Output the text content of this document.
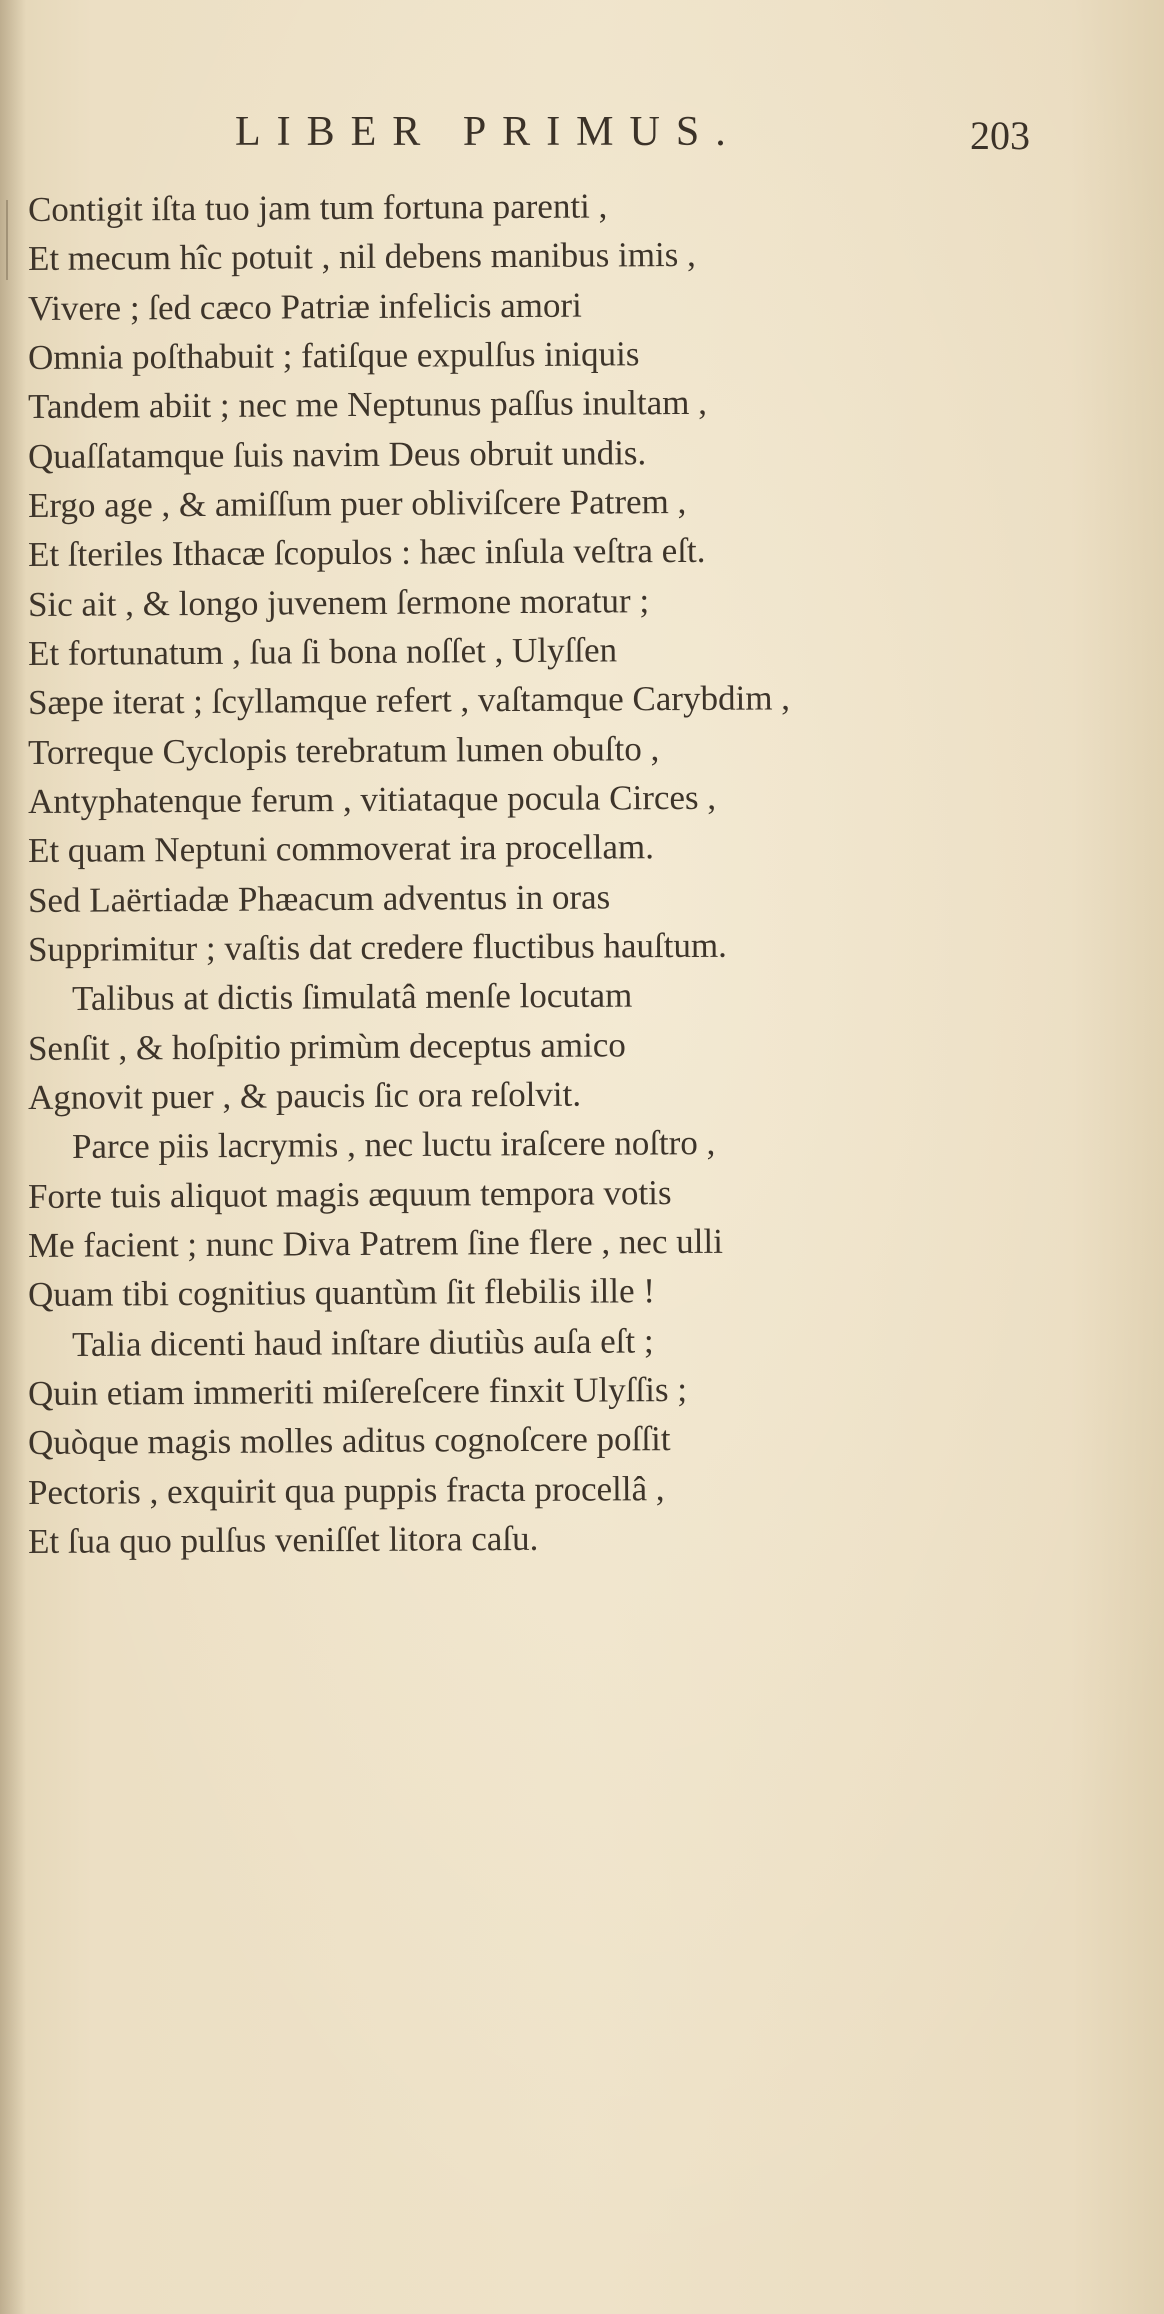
LIBER PRIMUS.	203
Contigit iſta tuo jam tum fortuna parenti ,
Et mecum hîc potuit , nil debens manibus imis ,
Vivere ; ſed cæco Patriæ infelicis amori
Omnia poſthabuit ; fatiſque expulſus iniquis
Tandem abiit ; nec me Neptunus paſſus inultam ,
Quaſſatamque ſuis navim Deus obruit undis.
Ergo age , & amiſſum puer obliviſcere Patrem ,
Et ſteriles Ithacæ ſcopulos : hæc inſula veſtra eſt.
Sic ait , & longo juvenem ſermone moratur ;
Et fortunatum , ſua ſi bona noſſet , Ulyſſen
Sæpe iterat ; ſcyllamque refert , vaſtamque Carybdim ,
Torreque Cyclopis terebratum lumen obuſto ,
Antyphatenque ferum , vitiataque pocula Circes ,
Et quam Neptuni commoverat ira procellam.
Sed Laërtiadæ Phæacum adventus in oras
Supprimitur ; vaſtis dat credere fluctibus hauſtum.
Talibus at dictis ſimulatâ menſe locutam
Senſit , & hoſpitio primùm deceptus amico
Agnovit puer , & paucis ſic ora reſolvit.
Parce piis lacrymis , nec luctu iraſcere noſtro ,
Forte tuis aliquot magis æquum tempora votis
Me facient ; nunc Diva Patrem ſine flere , nec ulli
Quam tibi cognitius quantùm ſit flebilis ille !
Talia dicenti haud inſtare diutiùs auſa eſt ;
Quin etiam immeriti miſereſcere finxit Ulyſſis ;
Quòque magis molles aditus cognoſcere poſſit
Pectoris , exquirit qua puppis fracta procellâ ,
Et ſua quo pulſus veniſſet litora caſu.
